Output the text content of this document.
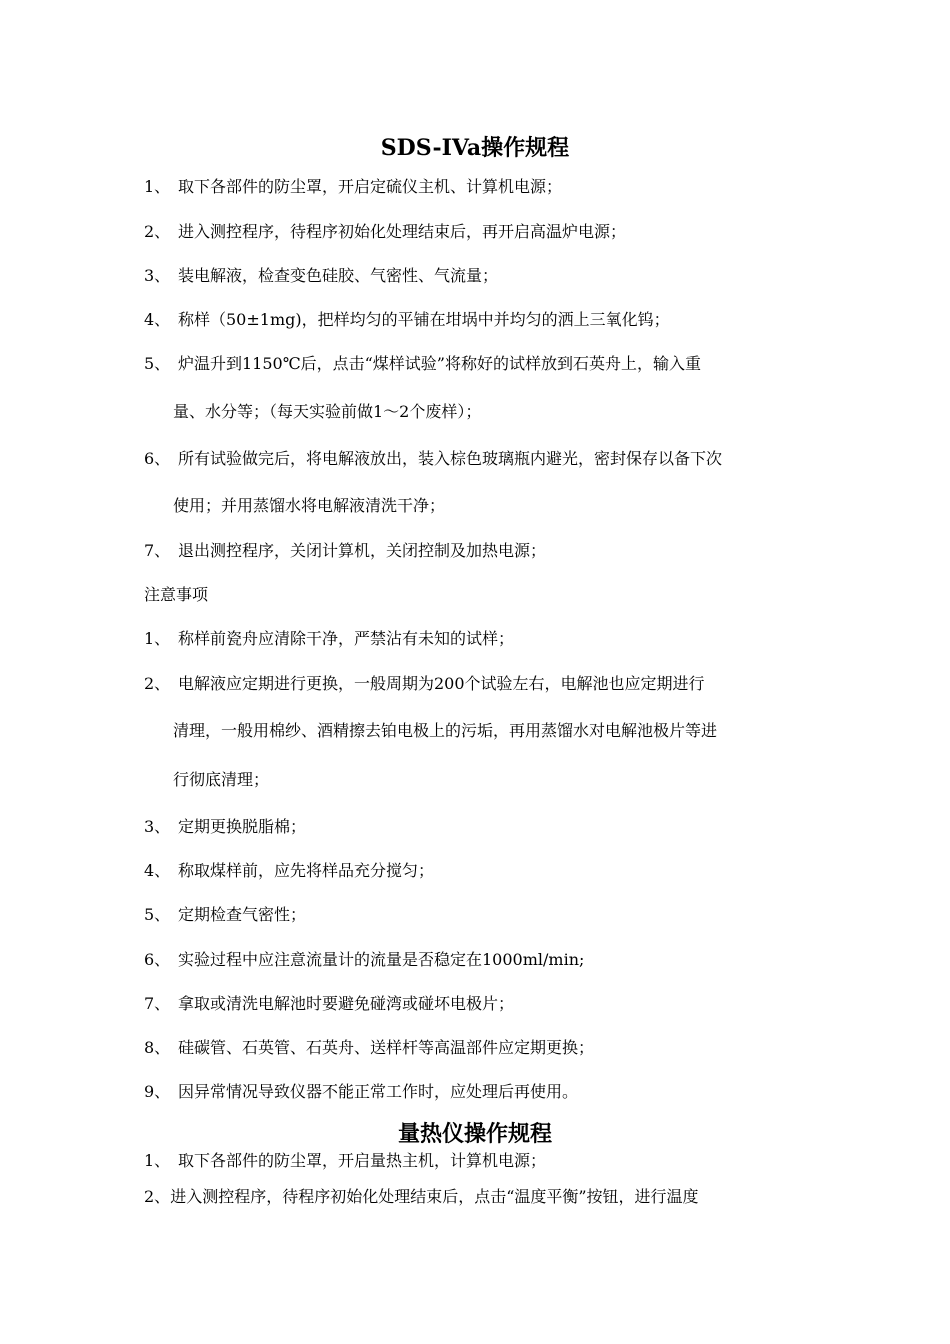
SDS-IVa操作规程
1、 取下各部件的防尘罩，开启定硫仪主机、计算机电源；
2、 进入测控程序，待程序初始化处理结束后，再开启高温炉电源；
3、 装电解液，检查变色硅胶、气密性、气流量；
4、 称样（50±1mg)，把样均匀的平铺在坩埚中并均匀的洒上三氧化钨；
5、 炉温升到1150℃后，点击“煤样试验”将称好的试样放到石英舟上，输入重
量、水分等；（每天实验前做1～2个废样）；
6、 所有试验做完后，将电解液放出，装入棕色玻璃瓶内避光，密封保存以备下次
使用；并用蒸馏水将电解液清洗干净；
7、 退出测控程序，关闭计算机，关闭控制及加热电源；
注意事项
1、 称样前瓷舟应清除干净，严禁沾有未知的试样；
2、 电解液应定期进行更换，一般周期为200个试验左右，电解池也应定期进行
清理，一般用棉纱、酒精擦去铂电极上的污垢，再用蒸馏水对电解池极片等进
行彻底清理；
3、 定期更换脱脂棉；
4、 称取煤样前，应先将样品充分搅匀；
5、 定期检查气密性；
6、 实验过程中应注意流量计的流量是否稳定在1000ml/min;
7、 拿取或清洗电解池时要避免碰湾或碰坏电极片；
8、 硅碳管、石英管、石英舟、送样杆等高温部件应定期更换；
9、 因异常情况导致仪器不能正常工作时，应处理后再使用。
量热仪操作规程
1、 取下各部件的防尘罩，开启量热主机，计算机电源；
2、进入测控程序，待程序初始化处理结束后，点击“温度平衡”按钮，进行温度
